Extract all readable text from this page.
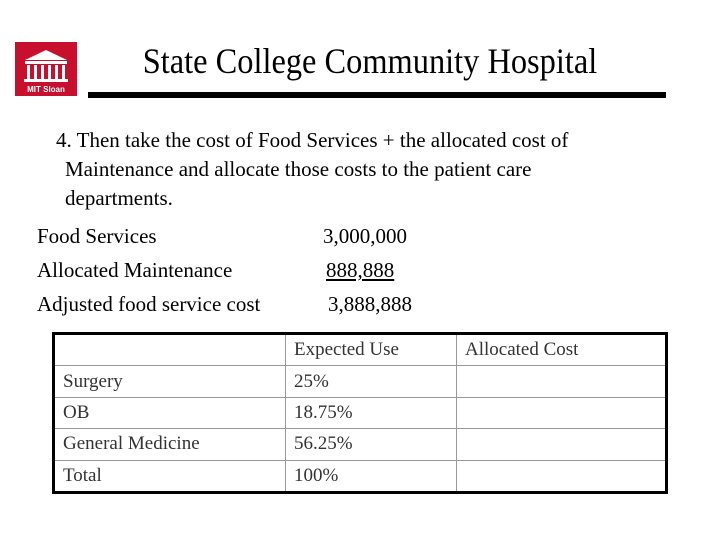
MIT Sloan
State College Community Hospital
4. Then take the cost of Food Services + the allocated cost of
Maintenance and allocate those costs to the patient care
departments.
Food Services	3,000,000
Allocated Maintenance	888,888
Adjusted food service cost	3,888,888
	Expected Use	Allocated Cost
Surgery	25%	
OB	18.75%	
General Medicine	56.25%	
Total	100%	
